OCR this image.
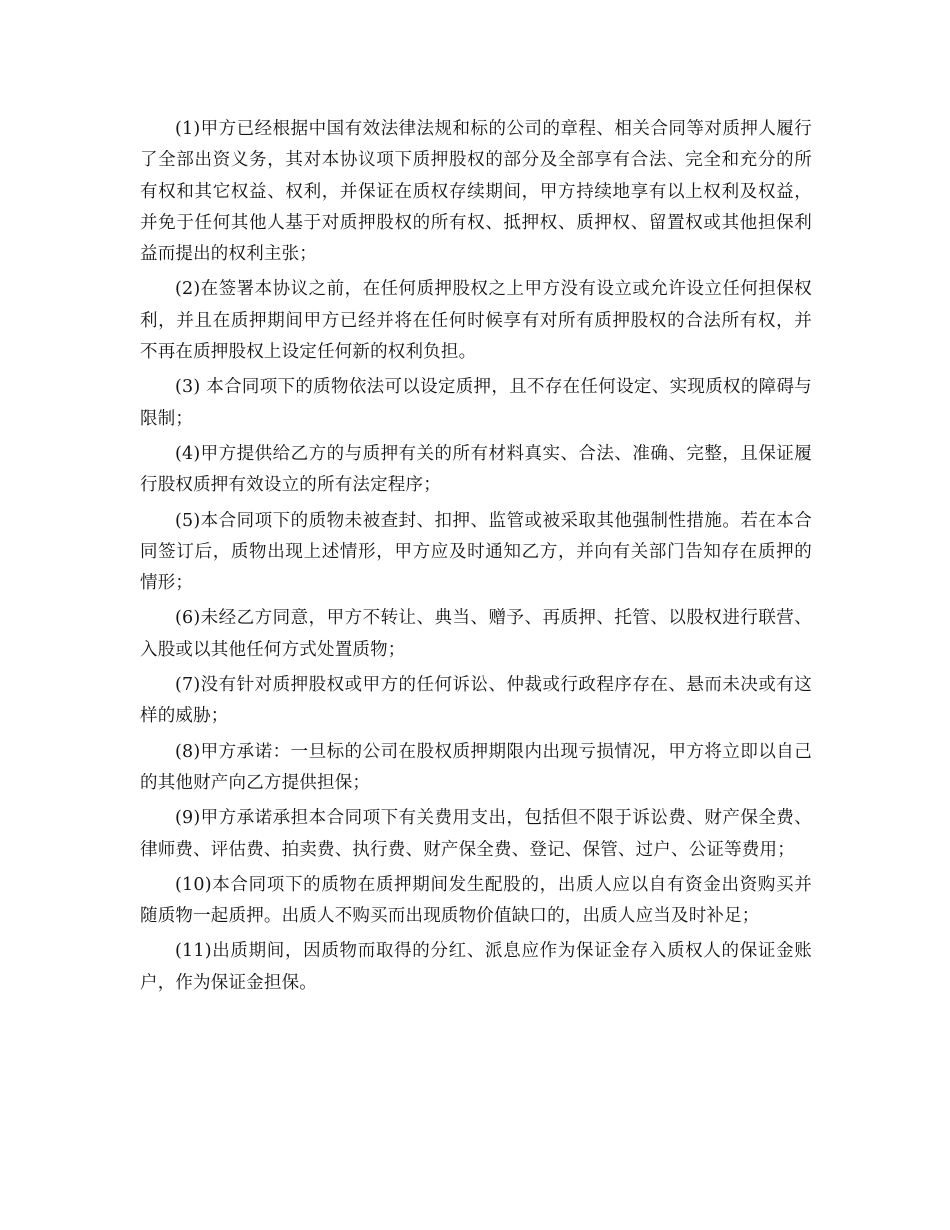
(1)甲方已经根据中国有效法律法规和标的公司的章程、相关合同等对质押人履行了全部出资义务，其对本协议项下质押股权的部分及全部享有合法、完全和充分的所有权和其它权益、权利，并保证在质权存续期间，甲方持续地享有以上权利及权益，并免于任何其他人基于对质押股权的所有权、抵押权、质押权、留置权或其他担保利益而提出的权利主张；

(2)在签署本协议之前，在任何质押股权之上甲方没有设立或允许设立任何担保权利，并且在质押期间甲方已经并将在任何时候享有对所有质押股权的合法所有权，并不再在质押股权上设定任何新的权利负担。

(3) 本合同项下的质物依法可以设定质押，且不存在任何设定、实现质权的障碍与限制；

(4)甲方提供给乙方的与质押有关的所有材料真实、合法、准确、完整，且保证履行股权质押有效设立的所有法定程序；

(5)本合同项下的质物未被查封、扣押、监管或被采取其他强制性措施。若在本合同签订后，质物出现上述情形，甲方应及时通知乙方，并向有关部门告知存在质押的情形；

(6)未经乙方同意，甲方不转让、典当、赠予、再质押、托管、以股权进行联营、入股或以其他任何方式处置质物；

(7)没有针对质押股权或甲方的任何诉讼、仲裁或行政程序存在、悬而未决或有这样的威胁；

(8)甲方承诺：一旦标的公司在股权质押期限内出现亏损情况，甲方将立即以自己的其他财产向乙方提供担保；

(9)甲方承诺承担本合同项下有关费用支出，包括但不限于诉讼费、财产保全费、律师费、评估费、拍卖费、执行费、财产保全费、登记、保管、过户、公证等费用；

(10)本合同项下的质物在质押期间发生配股的，出质人应以自有资金出资购买并随质物一起质押。出质人不购买而出现质物价值缺口的，出质人应当及时补足；

(11)出质期间，因质物而取得的分红、派息应作为保证金存入质权人的保证金账户，作为保证金担保。
